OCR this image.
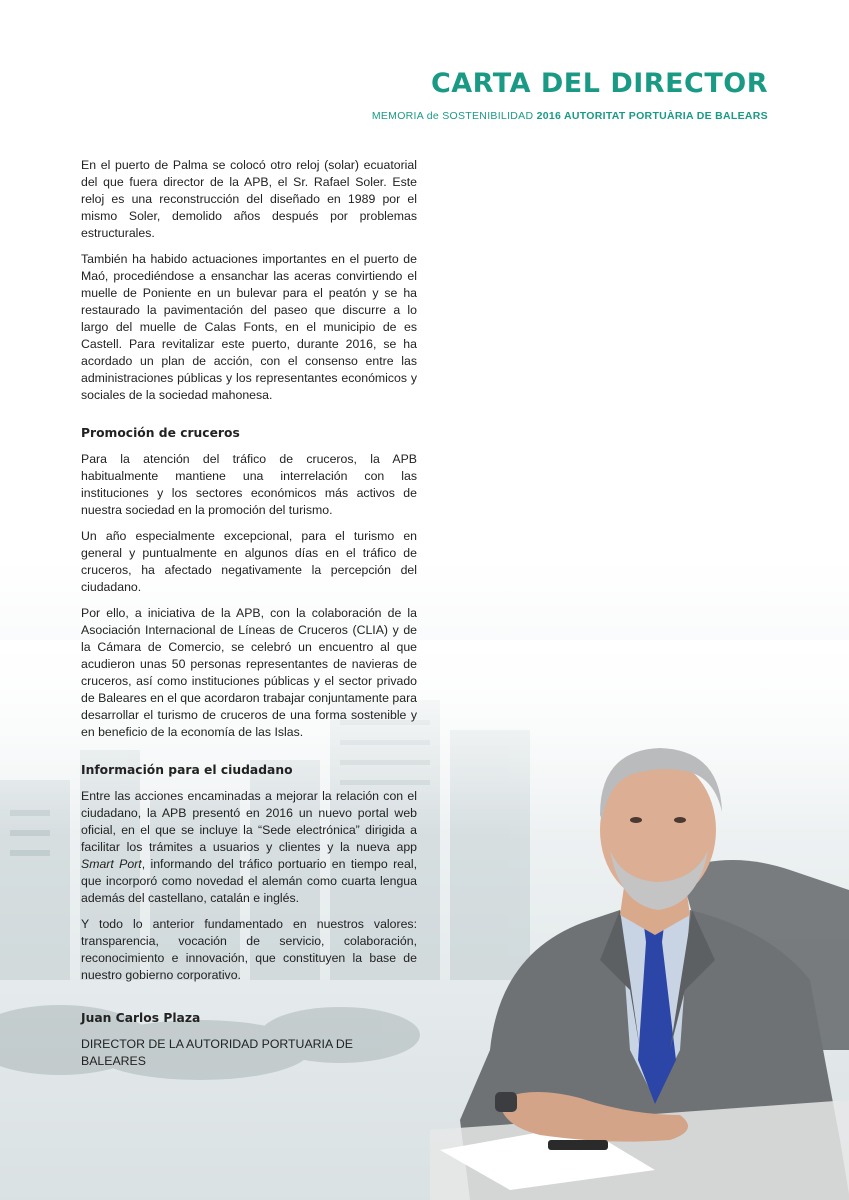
CARTA DEL DIRECTOR
MEMORIA de SOSTENIBILIDAD 2016 AUTORITAT PORTUÀRIA DE BALEARS

En el puerto de Palma se colocó otro reloj (solar) ecuatorial del que fuera director de la APB, el Sr. Rafael Soler. Este reloj es una reconstrucción del diseñado en 1989 por el mismo Soler, demolido años después por problemas estructurales.

También ha habido actuaciones importantes en el puerto de Maó, procediéndose a ensanchar las aceras convirtiendo el muelle de Poniente en un bulevar para el peatón y se ha restaurado la pavimentación del paseo que discurre a lo largo del muelle de Calas Fonts, en el municipio de es Castell. Para revitalizar este puerto, durante 2016, se ha acordado un plan de acción, con el consenso entre las administraciones públicas y los representantes económicos y sociales de la sociedad mahonesa.

Promoción de cruceros

Para la atención del tráfico de cruceros, la APB habitualmente mantiene una interrelación con las instituciones y los sectores económicos más activos de nuestra sociedad en la promoción del turismo.

Un año especialmente excepcional, para el turismo en general y puntualmente en algunos días en el tráfico de cruceros, ha afectado negativamente la percepción del ciudadano.

Por ello, a iniciativa de la APB, con la colaboración de la Asociación Internacional de Líneas de Cruceros (CLIA) y de la Cámara de Comercio, se celebró un encuentro al que acudieron unas 50 personas representantes de navieras de cruceros, así como instituciones públicas y el sector privado de Baleares en el que acordaron trabajar conjuntamente para desarrollar el turismo de cruceros de una forma sostenible y en beneficio de la economía de las Islas.

Información para el ciudadano

Entre las acciones encaminadas a mejorar la relación con el ciudadano, la APB presentó en 2016 un nuevo portal web oficial, en el que se incluye la “Sede electrónica” dirigida a facilitar los trámites a usuarios y clientes y la nueva app Smart Port, informando del tráfico portuario en tiempo real, que incorporó como novedad el alemán como cuarta lengua además del castellano, catalán e inglés.

Y todo lo anterior fundamentado en nuestros valores: transparencia, vocación de servicio, colaboración, reconocimiento e innovación, que constituyen la base de nuestro gobierno corporativo.

Juan Carlos Plaza

DIRECTOR DE LA AUTORIDAD PORTUARIA DE BALEARES
